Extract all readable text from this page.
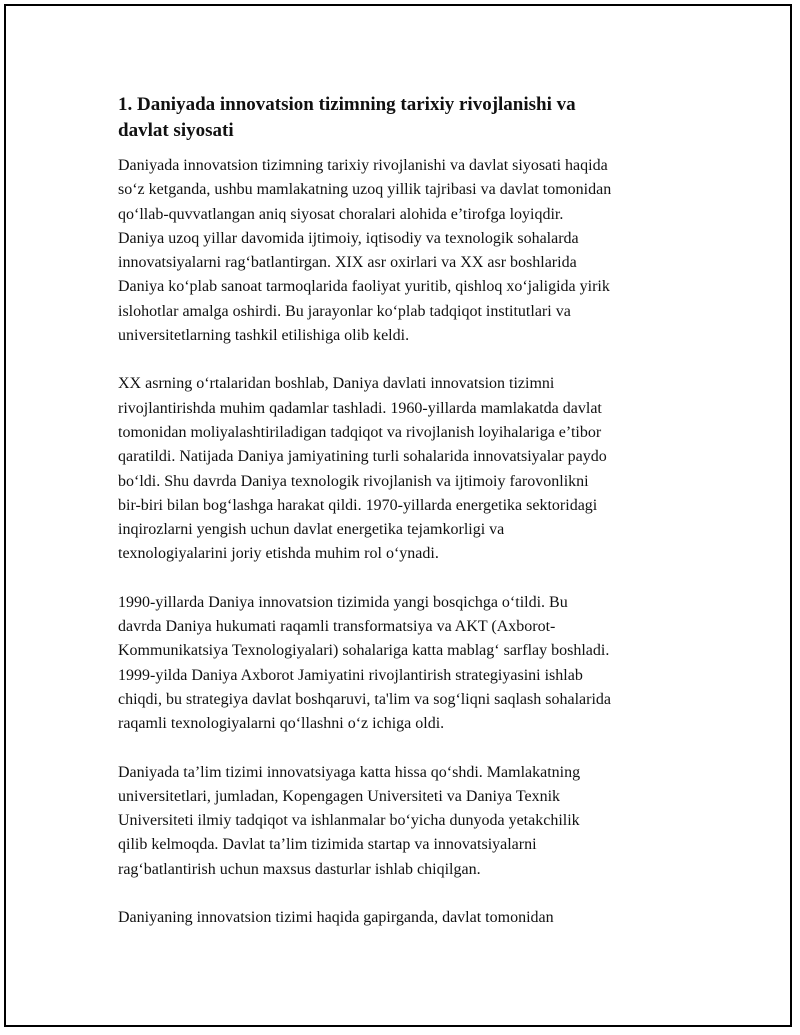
1. Daniyada innovatsion tizimning tarixiy rivojlanishi va
davlat siyosati

Daniyada innovatsion tizimning tarixiy rivojlanishi va davlat siyosati haqida
so‘z ketganda, ushbu mamlakatning uzoq yillik tajribasi va davlat tomonidan
qo‘llab-quvvatlangan aniq siyosat choralari alohida e’tirofga loyiqdir.
Daniya uzoq yillar davomida ijtimoiy, iqtisodiy va texnologik sohalarda
innovatsiyalarni rag‘batlantirgan. XIX asr oxirlari va XX asr boshlarida
Daniya ko‘plab sanoat tarmoqlarida faoliyat yuritib, qishloq xo‘jaligida yirik
islohotlar amalga oshirdi. Bu jarayonlar ko‘plab tadqiqot institutlari va
universitetlarning tashkil etilishiga olib keldi.

XX asrning o‘rtalaridan boshlab, Daniya davlati innovatsion tizimni
rivojlantirishda muhim qadamlar tashladi. 1960-yillarda mamlakatda davlat
tomonidan moliyalashtiriladigan tadqiqot va rivojlanish loyihalariga e’tibor
qaratildi. Natijada Daniya jamiyatining turli sohalarida innovatsiyalar paydo
bo‘ldi. Shu davrda Daniya texnologik rivojlanish va ijtimoiy farovonlikni
bir-biri bilan bog‘lashga harakat qildi. 1970-yillarda energetika sektoridagi
inqirozlarni yengish uchun davlat energetika tejamkorligi va
texnologiyalarini joriy etishda muhim rol o‘ynadi.

1990-yillarda Daniya innovatsion tizimida yangi bosqichga o‘tildi. Bu
davrda Daniya hukumati raqamli transformatsiya va AKT (Axborot-
Kommunikatsiya Texnologiyalari) sohalariga katta mablag‘ sarflay boshladi.
1999-yilda Daniya Axborot Jamiyatini rivojlantirish strategiyasini ishlab
chiqdi, bu strategiya davlat boshqaruvi, ta'lim va sog‘liqni saqlash sohalarida
raqamli texnologiyalarni qo‘llashni o‘z ichiga oldi.

Daniyada ta’lim tizimi innovatsiyaga katta hissa qo‘shdi. Mamlakatning
universitetlari, jumladan, Kopengagen Universiteti va Daniya Texnik
Universiteti ilmiy tadqiqot va ishlanmalar bo‘yicha dunyoda yetakchilik
qilib kelmoqda. Davlat ta’lim tizimida startap va innovatsiyalarni
rag‘batlantirish uchun maxsus dasturlar ishlab chiqilgan.

Daniyaning innovatsion tizimi haqida gapirganda, davlat tomonidan
